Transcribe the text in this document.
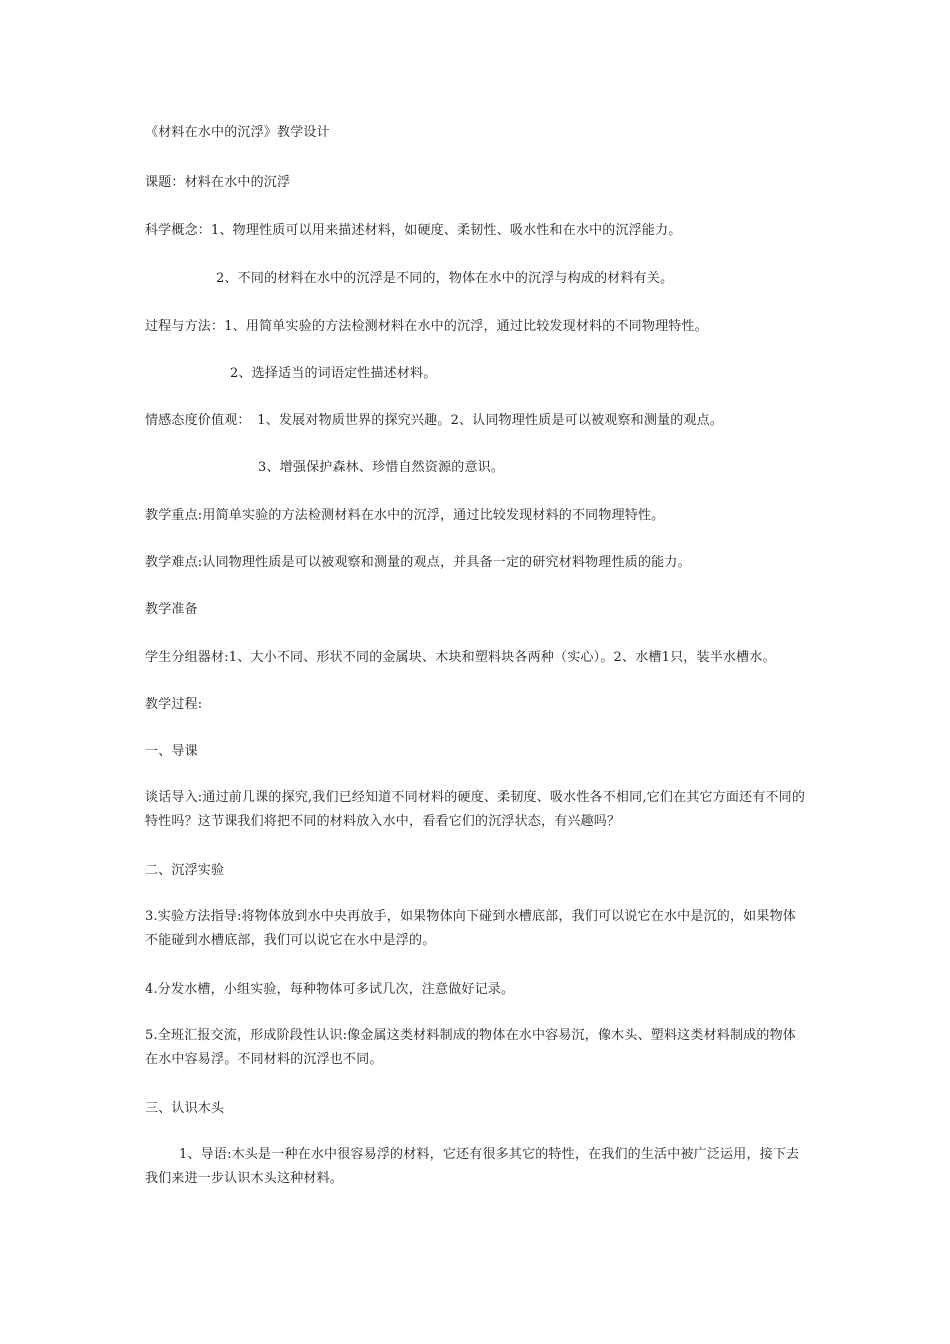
《材料在水中的沉浮》教学设计
课题：材料在水中的沉浮
科学概念：1、物理性质可以用来描述材料，如硬度、柔韧性、吸水性和在水中的沉浮能力。
2、不同的材料在水中的沉浮是不同的，物体在水中的沉浮与构成的材料有关。
过程与方法：1、用简单实验的方法检测材料在水中的沉浮，通过比较发现材料的不同物理特性。
2、选择适当的词语定性描述材料。
情感态度价值观：　1、发展对物质世界的探究兴趣。2、认同物理性质是可以被观察和测量的观点。
3、增强保护森林、珍惜自然资源的意识。
教学重点:用简单实验的方法检测材料在水中的沉浮，通过比较发现材料的不同物理特性。
教学难点:认同物理性质是可以被观察和测量的观点，并具备一定的研究材料物理性质的能力。
教学准备
学生分组器材:1、大小不同、形状不同的金属块、木块和塑料块各两种（实心）。2、水槽1只，装半水槽水。
教学过程:
一、导课
谈话导入:通过前几课的探究,我们已经知道不同材料的硬度、柔韧度、吸水性各不相同,它们在其它方面还有不同的特性吗？这节课我们将把不同的材料放入水中，看看它们的沉浮状态，有兴趣吗？
二、沉浮实验
3.实验方法指导:将物体放到水中央再放手，如果物体向下碰到水槽底部，我们可以说它在水中是沉的，如果物体不能碰到水槽底部，我们可以说它在水中是浮的。
4.分发水槽，小组实验，每种物体可多试几次，注意做好记录。
5.全班汇报交流，形成阶段性认识:像金属这类材料制成的物体在水中容易沉，像木头、塑料这类材料制成的物体在水中容易浮。不同材料的沉浮也不同。
三、认识木头
1、导语:木头是一种在水中很容易浮的材料，它还有很多其它的特性，在我们的生活中被广泛运用，接下去我们来进一步认识木头这种材料。
